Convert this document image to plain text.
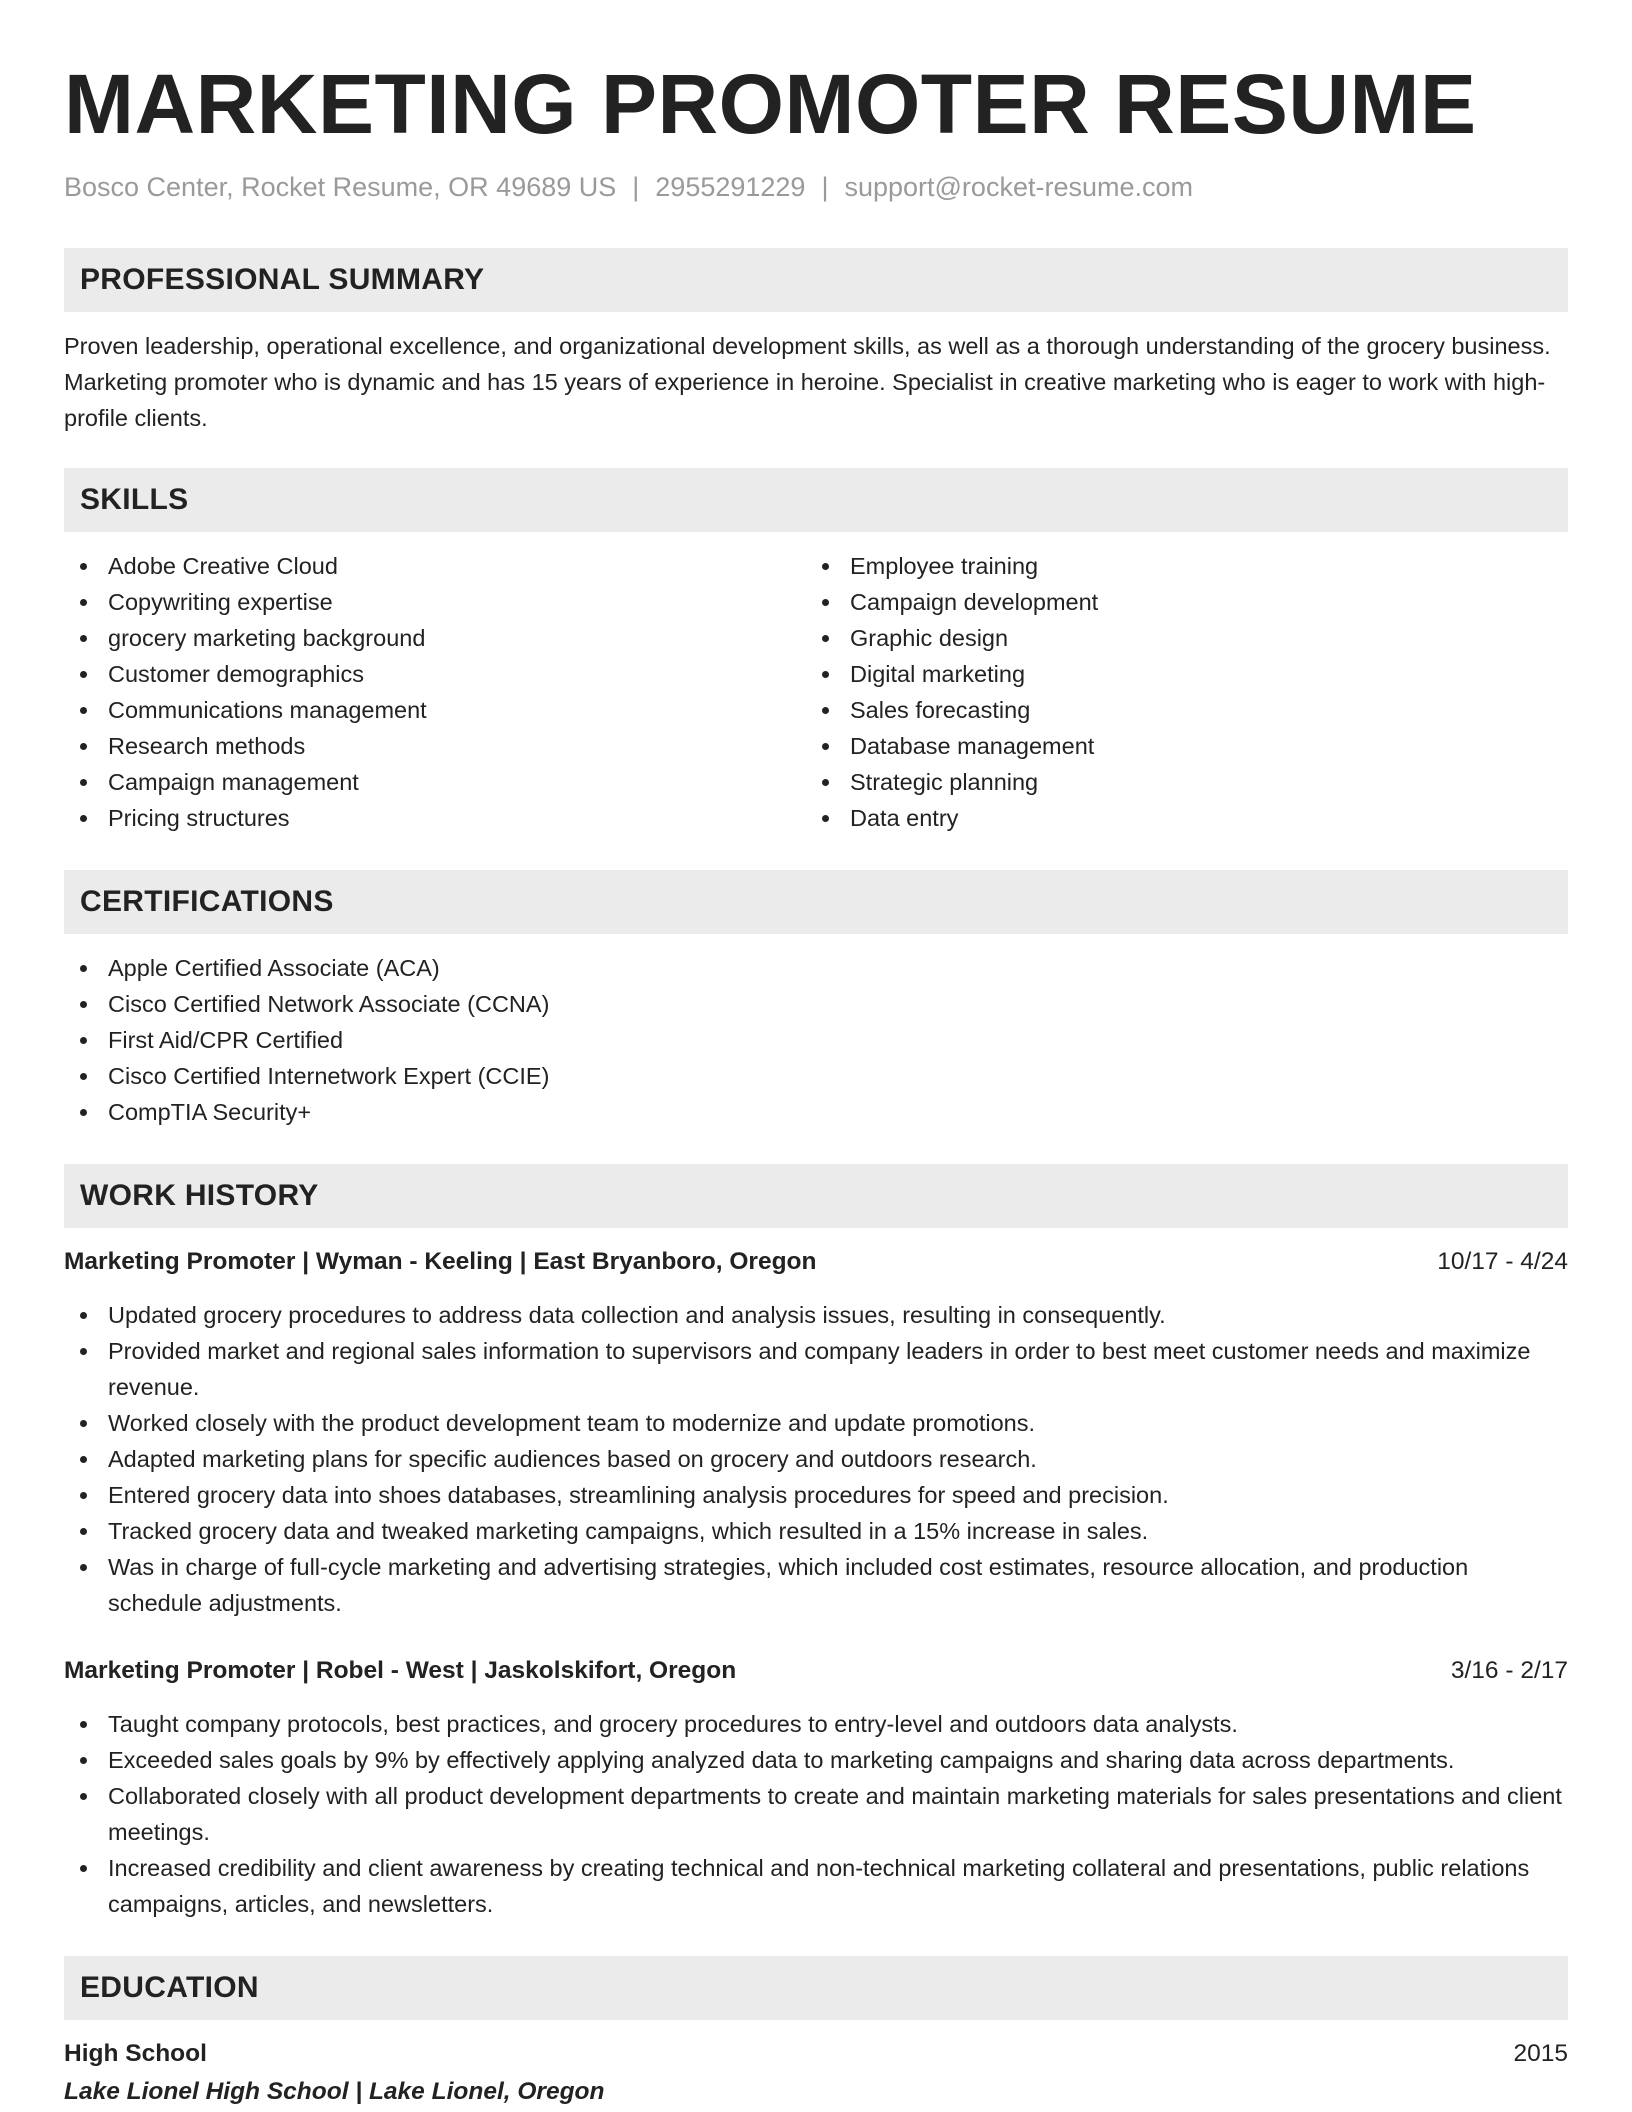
MARKETING PROMOTER RESUME
Bosco Center, Rocket Resume, OR 49689 US | 2955291229 | support@rocket-resume.com
PROFESSIONAL SUMMARY

Proven leadership, operational excellence, and organizational development skills, as well as a thorough understanding of the grocery business. Marketing promoter who is dynamic and has 15 years of experience in heroine. Specialist in creative marketing who is eager to work with high-profile clients.

SKILLS
Adobe Creative Cloud
Copywriting expertise
grocery marketing background
Customer demographics
Communications management
Research methods
Campaign management
Pricing structures
Employee training
Campaign development
Graphic design
Digital marketing
Sales forecasting
Database management
Strategic planning
Data entry
CERTIFICATIONS
Apple Certified Associate (ACA)
Cisco Certified Network Associate (CCNA)
First Aid/CPR Certified
Cisco Certified Internetwork Expert (CCIE)
CompTIA Security+
WORK HISTORY
Marketing Promoter | Wyman - Keeling | East Bryanboro, Oregon	10/17 - 4/24
Updated grocery procedures to address data collection and analysis issues, resulting in consequently.
Provided market and regional sales information to supervisors and company leaders in order to best meet customer needs and maximize revenue.
Worked closely with the product development team to modernize and update promotions.
Adapted marketing plans for specific audiences based on grocery and outdoors research.
Entered grocery data into shoes databases, streamlining analysis procedures for speed and precision.
Tracked grocery data and tweaked marketing campaigns, which resulted in a 15% increase in sales.
Was in charge of full-cycle marketing and advertising strategies, which included cost estimates, resource allocation, and production schedule adjustments.
Marketing Promoter | Robel - West | Jaskolskifort, Oregon	3/16 - 2/17
Taught company protocols, best practices, and grocery procedures to entry-level and outdoors data analysts.
Exceeded sales goals by 9% by effectively applying analyzed data to marketing campaigns and sharing data across departments.
Collaborated closely with all product development departments to create and maintain marketing materials for sales presentations and client meetings.
Increased credibility and client awareness by creating technical and non-technical marketing collateral and presentations, public relations campaigns, articles, and newsletters.
EDUCATION
High School	2015
Lake Lionel High School | Lake Lionel, Oregon
